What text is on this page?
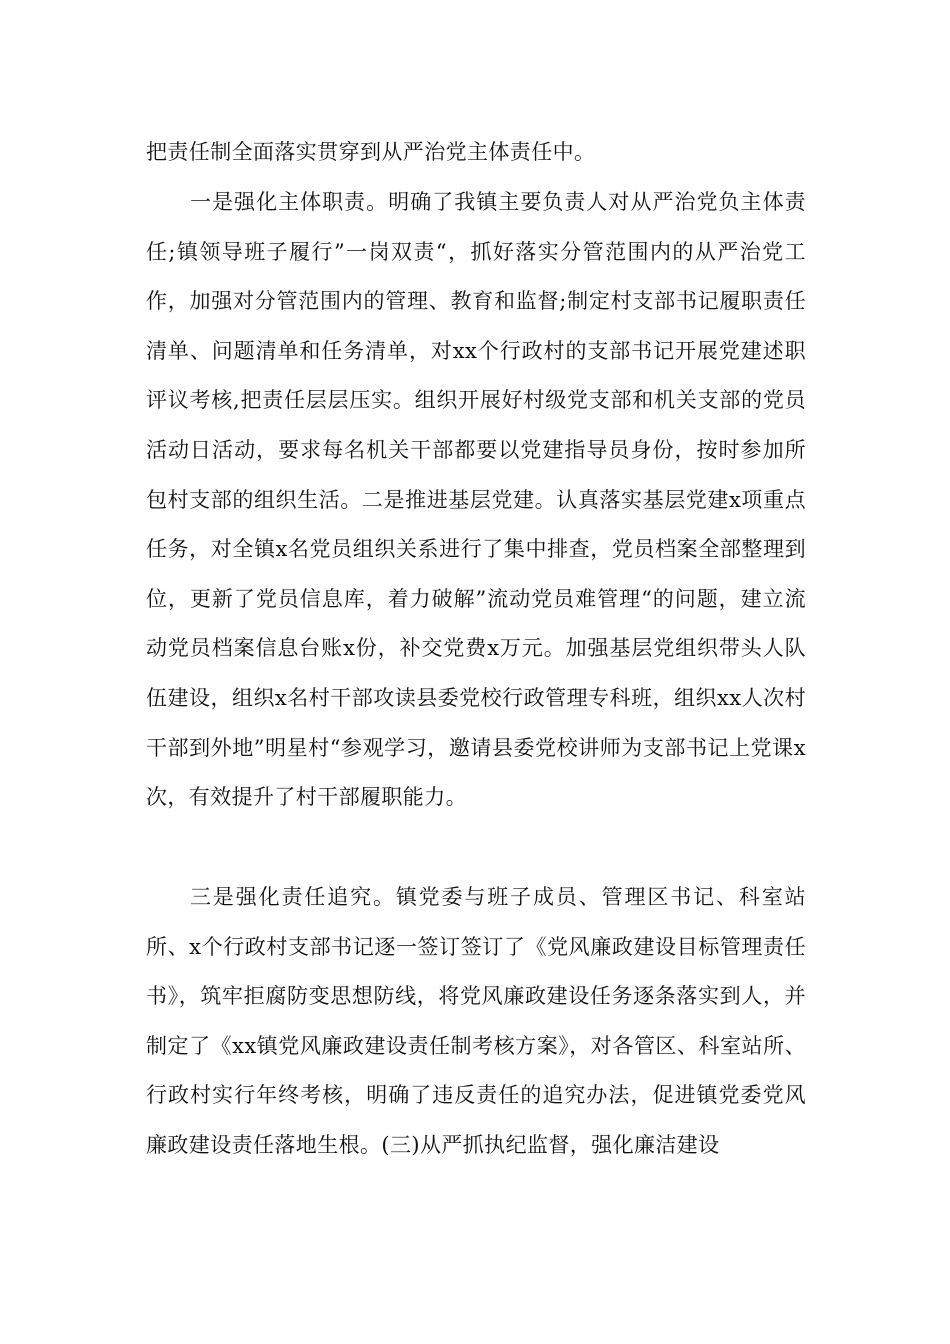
把责任制全面落实贯穿到从严治党主体责任中。

一是强化主体职责。明确了我镇主要负责人对从严治党负主体责任;镇领导班子履行”一岗双责“，抓好落实分管范围内的从严治党工作，加强对分管范围内的管理、教育和监督;制定村支部书记履职责任清单、问题清单和任务清单，对xx个行政村的支部书记开展党建述职评议考核,把责任层层压实。组织开展好村级党支部和机关支部的党员活动日活动，要求每名机关干部都要以党建指导员身份，按时参加所包村支部的组织生活。二是推进基层党建。认真落实基层党建x项重点任务，对全镇x名党员组织关系进行了集中排查，党员档案全部整理到位，更新了党员信息库，着力破解”流动党员难管理“的问题，建立流动党员档案信息台账x份，补交党费x万元。加强基层党组织带头人队伍建设，组织x名村干部攻读县委党校行政管理专科班，组织xx人次村干部到外地”明星村“参观学习，邀请县委党校讲师为支部书记上党课x次，有效提升了村干部履职能力。

三是强化责任追究。镇党委与班子成员、管理区书记、科室站所、x个行政村支部书记逐一签订签订了《党风廉政建设目标管理责任书》，筑牢拒腐防变思想防线，将党风廉政建设任务逐条落实到人，并制定了《xx镇党风廉政建设责任制考核方案》，对各管区、科室站所、行政村实行年终考核，明确了违反责任的追究办法，促进镇党委党风廉政建设责任落地生根。(三)从严抓执纪监督，强化廉洁建设
